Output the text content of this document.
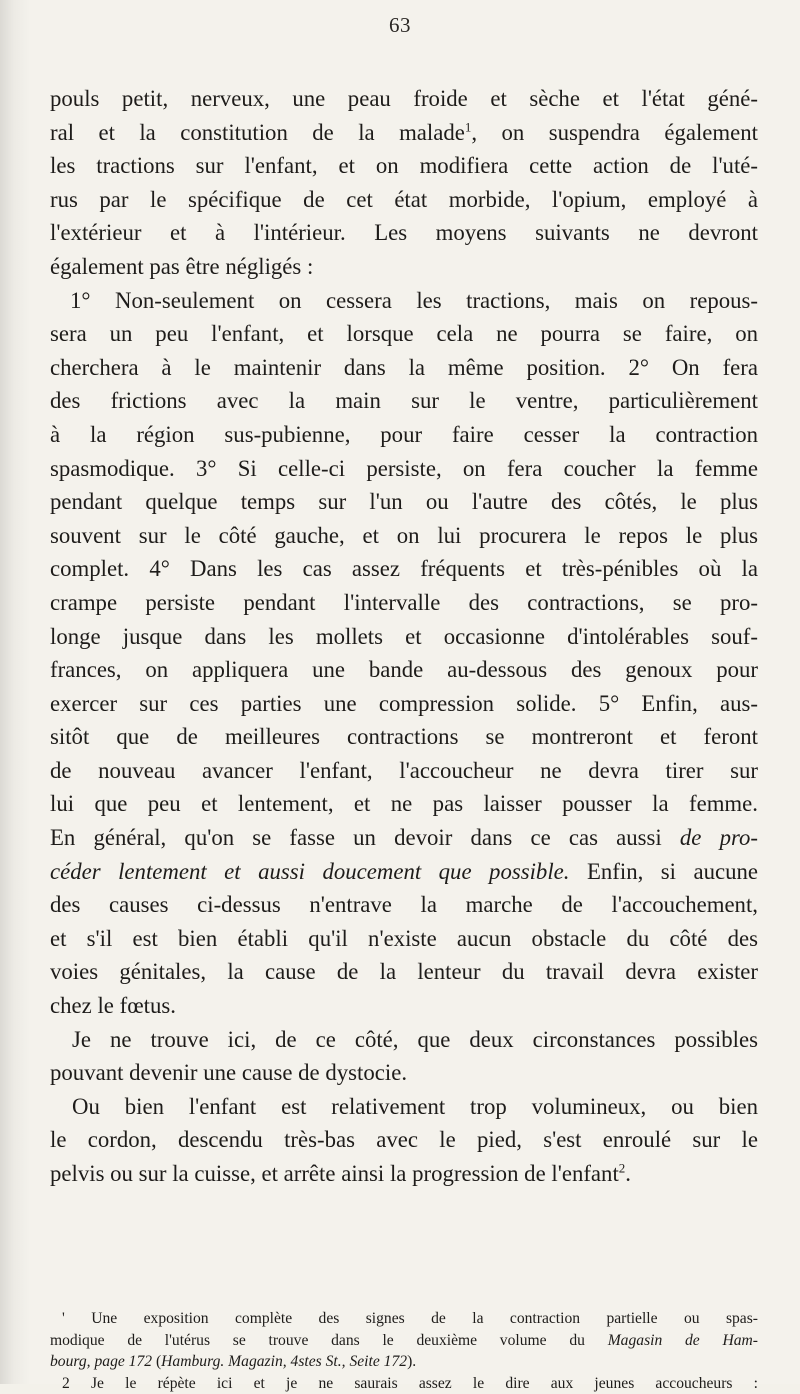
63
pouls petit, nerveux, une peau froide et sèche et l'état géné-
ral et la constitution de la malade$^1$, on suspendra également
les tractions sur l'enfant, et on modifiera cette action de l'uté-
rus par le spécifique de cet état morbide, l'opium, employé à
l'extérieur et à l'intérieur. Les moyens suivants ne devront
également pas être négligés :
1° Non-seulement on cessera les tractions, mais on repous-
sera un peu l'enfant, et lorsque cela ne pourra se faire, on
cherchera à le maintenir dans la même position. 2° On fera
des frictions avec la main sur le ventre, particulièrement
à la région sus-pubienne, pour faire cesser la contraction
spasmodique. 3° Si celle-ci persiste, on fera coucher la femme
pendant quelque temps sur l'un ou l'autre des côtés, le plus
souvent sur le côté gauche, et on lui procurera le repos le plus
complet. 4° Dans les cas assez fréquents et très-pénibles où la
crampe persiste pendant l'intervalle des contractions, se pro-
longe jusque dans les mollets et occasionne d'intolérables souf-
frances, on appliquera une bande au-dessous des genoux pour
exercer sur ces parties une compression solide. 5° Enfin, aus-
sitôt que de meilleures contractions se montreront et feront
de nouveau avancer l'enfant, l'accoucheur ne devra tirer sur
lui que peu et lentement, et ne pas laisser pousser la femme.
En général, qu'on se fasse un devoir dans ce cas aussi de pro-
céder lentement et aussi doucement que possible. Enfin, si aucune
des causes ci-dessus n'entrave la marche de l'accouchement,
et s'il est bien établi qu'il n'existe aucun obstacle du côté des
voies génitales, la cause de la lenteur du travail devra exister
chez le fœtus.
Je ne trouve ici, de ce côté, que deux circonstances possibles
pouvant devenir une cause de dystocie.
Ou bien l'enfant est relativement trop volumineux, ou bien
le cordon, descendu très-bas avec le pied, s'est enroulé sur le
pelvis ou sur la cuisse, et arrête ainsi la progression de l'enfant$^2$.
' Une exposition complète des signes de la contraction partielle ou spas-
modique de l'utérus se trouve dans le deuxième volume du Magasin de Ham-
bourg, page 172 (Hamburg. Magazin, 4stes St., Seite 172).
2 Je le répète ici et je ne saurais assez le dire aux jeunes accoucheurs :
